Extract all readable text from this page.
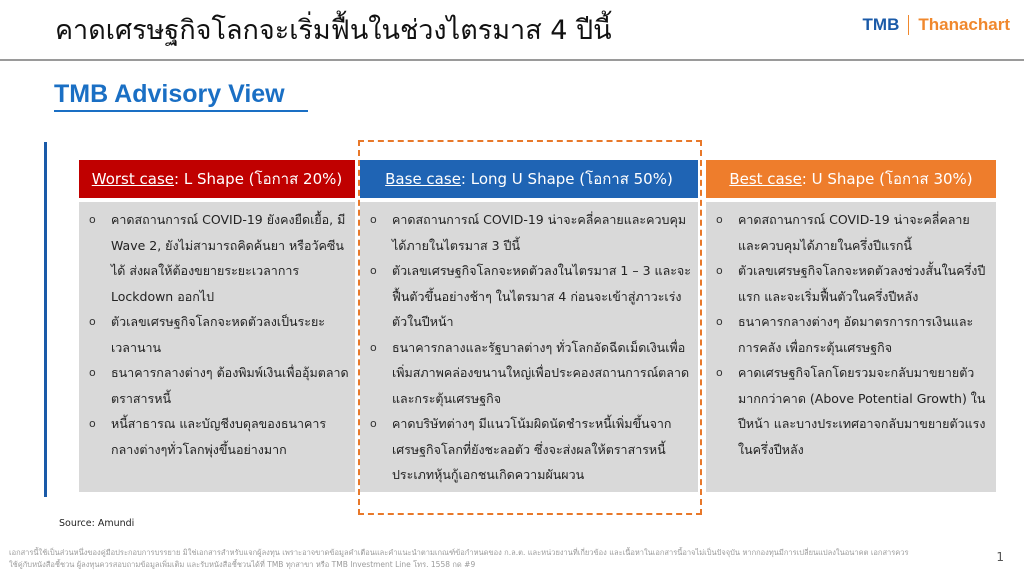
คาดเศรษฐกิจโลกจะเริ่มฟื้นในช่วงไตรมาส 4 ปีนี้	TMB Thanachart
TMB Advisory View
Worst case: L Shape (โอกาส 20%)
o	คาดสถานการณ์ COVID-19 ยังคงยืดเยื้อ, มี Wave 2, ยังไม่สามารถคิดค้นยา หรือวัคซีนได้ ส่งผลให้ต้องขยายระยะเวลาการ Lockdown ออกไป
o	ตัวเลขเศรษฐกิจโลกจะหดตัวลงเป็นระยะเวลานาน
o	ธนาคารกลางต่างๆ ต้องพิมพ์เงินเพื่ออุ้มตลาดตราสารหนี้
o	หนี้สาธารณ และบัญชีงบดุลของธนาคารกลางต่างๆทั่วโลกพุ่งขึ้นอย่างมาก
Base case: Long U Shape (โอกาส 50%)
o	คาดสถานการณ์ COVID-19 น่าจะคลี่คลายและควบคุมได้ภายในไตรมาส 3 ปีนี้
o	ตัวเลขเศรษฐกิจโลกจะหดตัวลงในไตรมาส 1 – 3 และจะฟื้นตัวขึ้นอย่างช้าๆ ในไตรมาส 4 ก่อนจะเข้าสู่ภาวะเร่งตัวในปีหน้า
o	ธนาคารกลางและรัฐบาลต่างๆ ทั่วโลกอัดฉีดเม็ดเงินเพื่อเพิ่มสภาพคล่องขนานใหญ่เพื่อประคองสถานการณ์ตลาดและกระตุ้นเศรษฐกิจ
o	คาดบริษัทต่างๆ มีแนวโน้มผิดนัดชำระหนี้เพิ่มขึ้นจากเศรษฐกิจโลกที่ยังชะลอตัว ซึ่งจะส่งผลให้ตราสารหนี้ประเภทหุ้นกู้เอกชนเกิดความผันผวน
Best case: U Shape (โอกาส 30%)
o	คาดสถานการณ์ COVID-19 น่าจะคลี่คลายและควบคุมได้ภายในครึ่งปีแรกนี้
o	ตัวเลขเศรษฐกิจโลกจะหดตัวลงช่วงสั้นในครึ่งปีแรก และจะเริ่มฟื้นตัวในครึ่งปีหลัง
o	ธนาคารกลางต่างๆ อัดมาตรการการเงินและการคลัง เพื่อกระตุ้นเศรษฐกิจ
o	คาดเศรษฐกิจโลกโดยรวมจะกลับมาขยายตัวมากกว่าคาด (Above Potential Growth) ในปีหน้า และบางประเทศอาจกลับมาขยายตัวแรงในครึ่งปีหลัง
Source: Amundi
เอกสารนี้ใช้เป็นส่วนหนึ่งของคู่มือประกอบการบรรยาย มิใช่เอกสารสำหรับแจกผู้ลงทุน เพราะอาจขาดข้อมูลคำเตือนและคำแนะนำตามเกณฑ์ข้อกำหนดของ ก.ล.ต. และหน่วยงานที่เกี่ยวข้อง และเนื้อหาในเอกสารนี้อาจไม่เป็นปัจจุบัน หากกองทุนมีการเปลี่ยนแปลงในอนาคต เอกสารควรใช้คู่กับหนังสือชี้ชวน ผู้ลงทุนควรสอบถามข้อมูลเพิ่มเติม และรับหนังสือชี้ชวนได้ที่ TMB ทุกสาขา หรือ TMB Investment Line โทร. 1558 กด #9
1
